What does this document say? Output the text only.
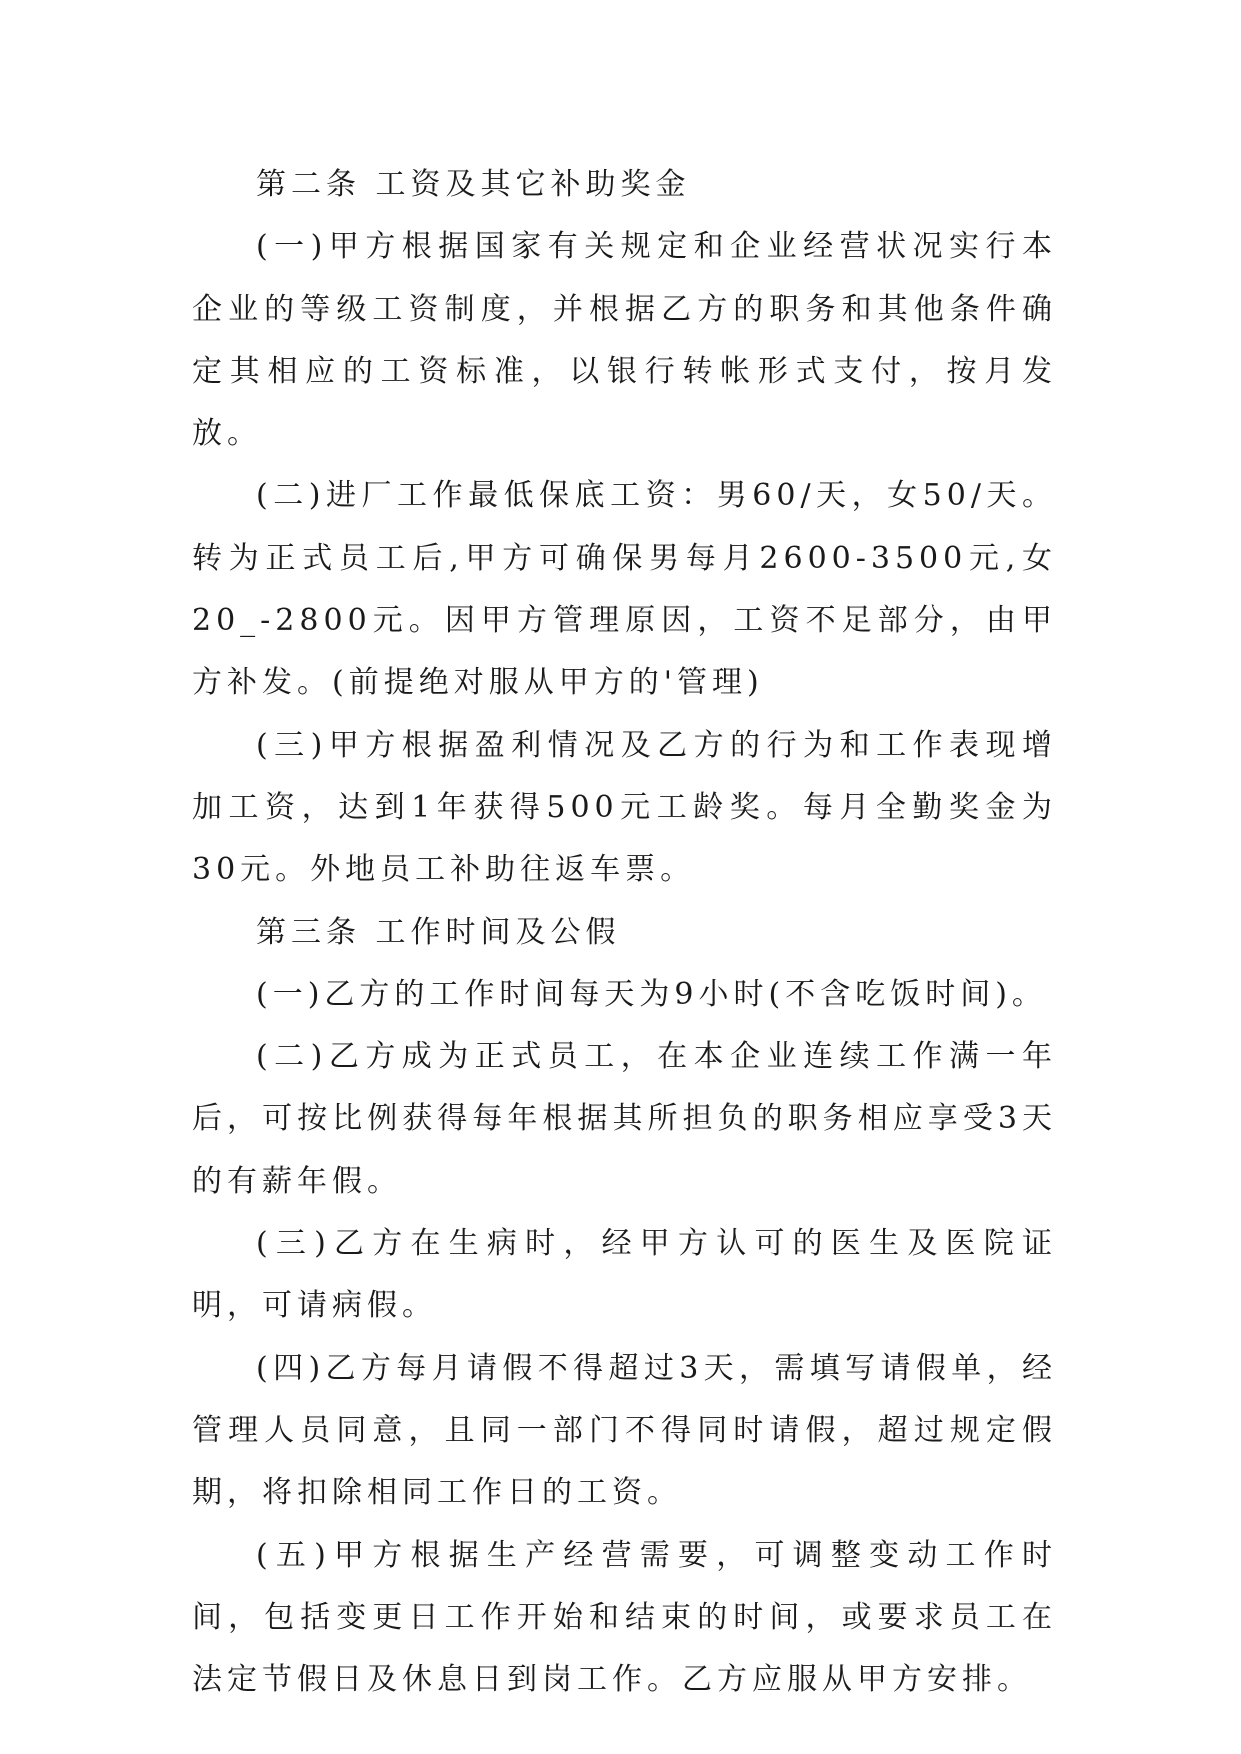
第二条 工资及其它补助奖金

(一)甲方根据国家有关规定和企业经营状况实行本企业的等级工资制度，并根据乙方的职务和其他条件确定其相应的工资标准，以银行转帐形式支付，按月发放。

(二)进厂工作最低保底工资：男60/天，女50/天。转为正式员工后,甲方可确保男每月2600-3500元,女20_-2800元。因甲方管理原因，工资不足部分，由甲方补发。(前提绝对服从甲方的'管理)

(三)甲方根据盈利情况及乙方的行为和工作表现增加工资，达到1年获得500元工龄奖。每月全勤奖金为30元。外地员工补助往返车票。

第三条 工作时间及公假

(一)乙方的工作时间每天为9小时(不含吃饭时间)。

(二)乙方成为正式员工，在本企业连续工作满一年后，可按比例获得每年根据其所担负的职务相应享受3天的有薪年假。

(三)乙方在生病时，经甲方认可的医生及医院证明，可请病假。

(四)乙方每月请假不得超过3天，需填写请假单，经管理人员同意，且同一部门不得同时请假，超过规定假期，将扣除相同工作日的工资。

(五)甲方根据生产经营需要，可调整变动工作时间，包括变更日工作开始和结束的时间，或要求员工在法定节假日及休息日到岗工作。乙方应服从甲方安排。
